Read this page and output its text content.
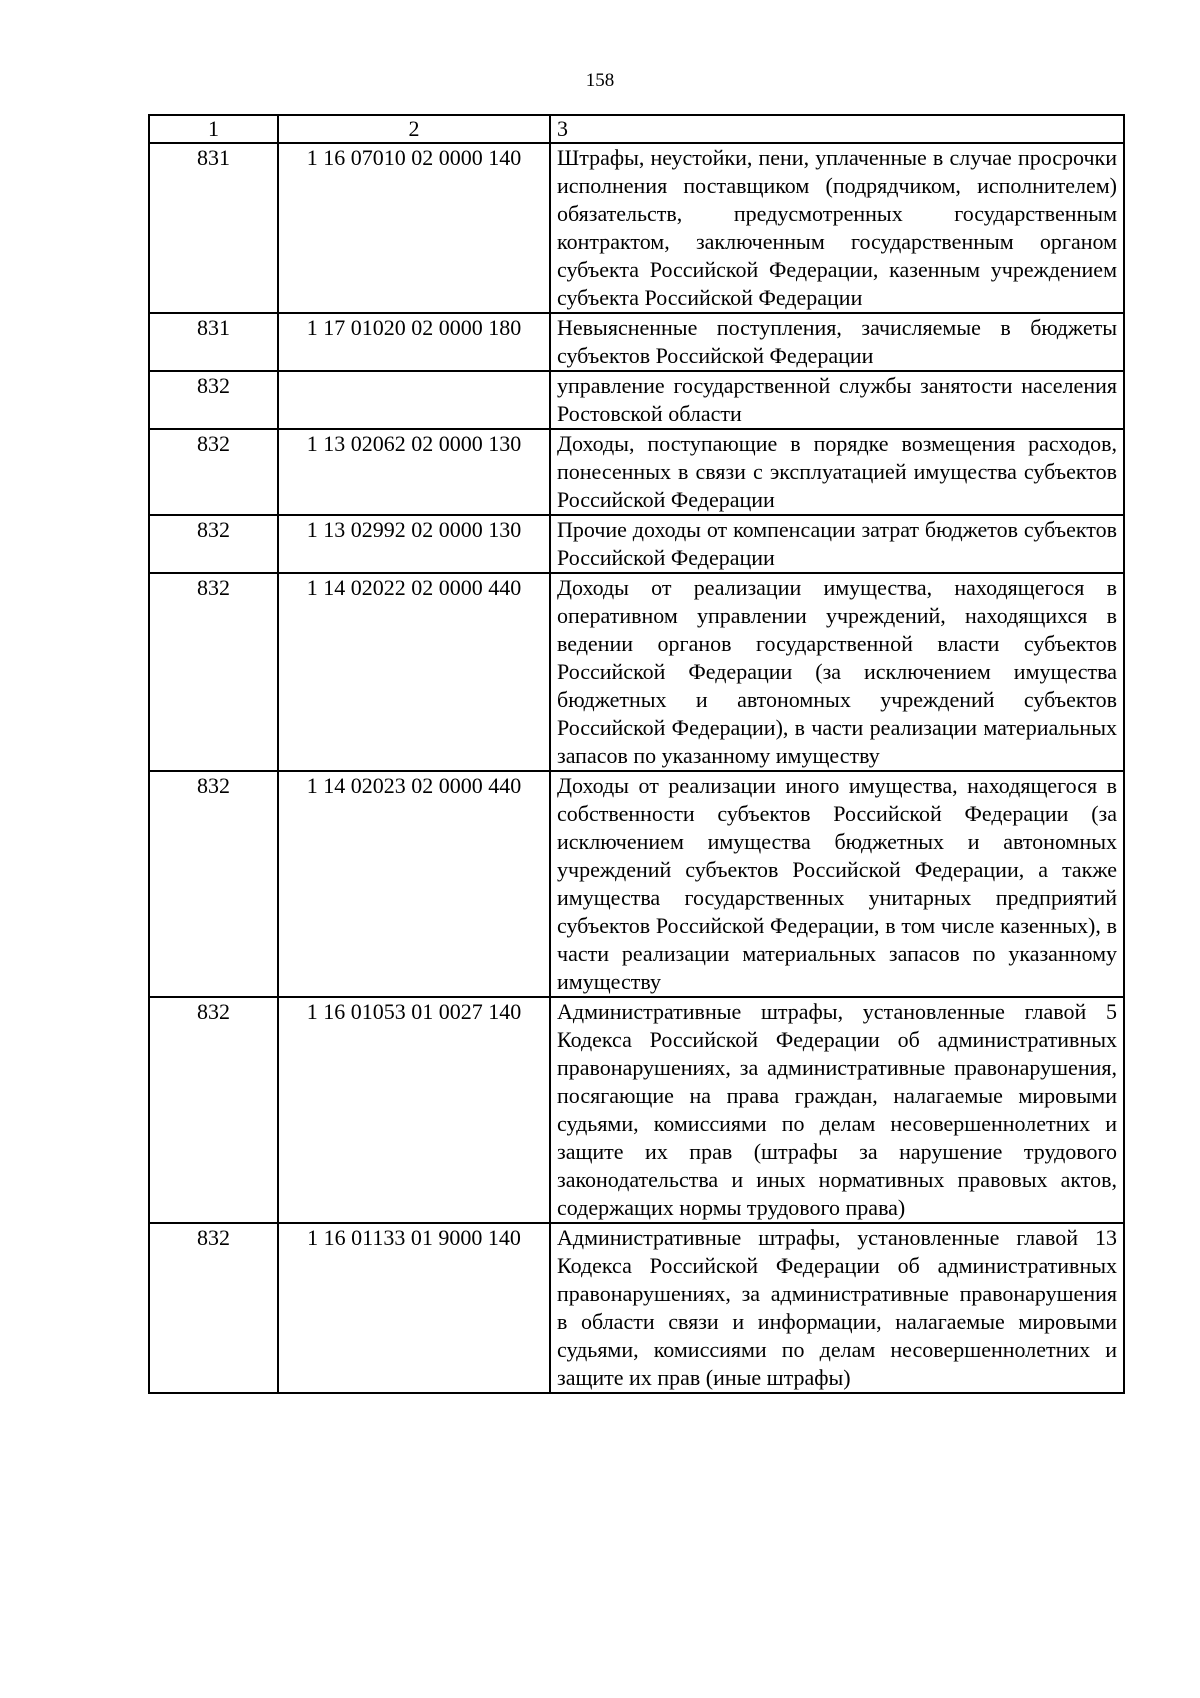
158
1	2	3
831	1 16 07010 02 0000 140	Штрафы, неустойки, пени, уплаченные в случае просрочки исполнения поставщиком (подрядчиком, исполнителем) обязательств, предусмотренных государственным контрактом, заключенным государственным органом субъекта Российской Федерации, казенным учреждением субъекта Российской Федерации
831	1 17 01020 02 0000 180	Невыясненные поступления, зачисляемые в бюджеты субъектов Российской Федерации
832		управление государственной службы занятости населения Ростовской области
832	1 13 02062 02 0000 130	Доходы, поступающие в порядке возмещения расходов, понесенных в связи с эксплуатацией имущества субъектов Российской Федерации
832	1 13 02992 02 0000 130	Прочие доходы от компенсации затрат бюджетов субъектов Российской Федерации
832	1 14 02022 02 0000 440	Доходы от реализации имущества, находящегося в оперативном управлении учреждений, находящихся в ведении органов государственной власти субъектов Российской Федерации (за исключением имущества бюджетных и автономных учреждений субъектов Российской Федерации), в части реализации материальных запасов по указанному имуществу
832	1 14 02023 02 0000 440	Доходы от реализации иного имущества, находящегося в собственности субъектов Российской Федерации (за исключением имущества бюджетных и автономных учреждений субъектов Российской Федерации, а также имущества государственных унитарных предприятий субъектов Российской Федерации, в том числе казенных), в части реализации материальных запасов по указанному имуществу
832	1 16 01053 01 0027 140	Административные штрафы, установленные главой 5 Кодекса Российской Федерации об административных правонарушениях, за административные правонарушения, посягающие на права граждан, налагаемые мировыми судьями, комиссиями по делам несовершеннолетних и защите их прав (штрафы за нарушение трудового законодательства и иных нормативных правовых актов, содержащих нормы трудового права)
832	1 16 01133 01 9000 140	Административные штрафы, установленные главой 13 Кодекса Российской Федерации об административных правонарушениях, за административные правонарушения в области связи и информации, налагаемые мировыми судьями, комиссиями по делам несовершеннолетних и защите их прав (иные штрафы)
